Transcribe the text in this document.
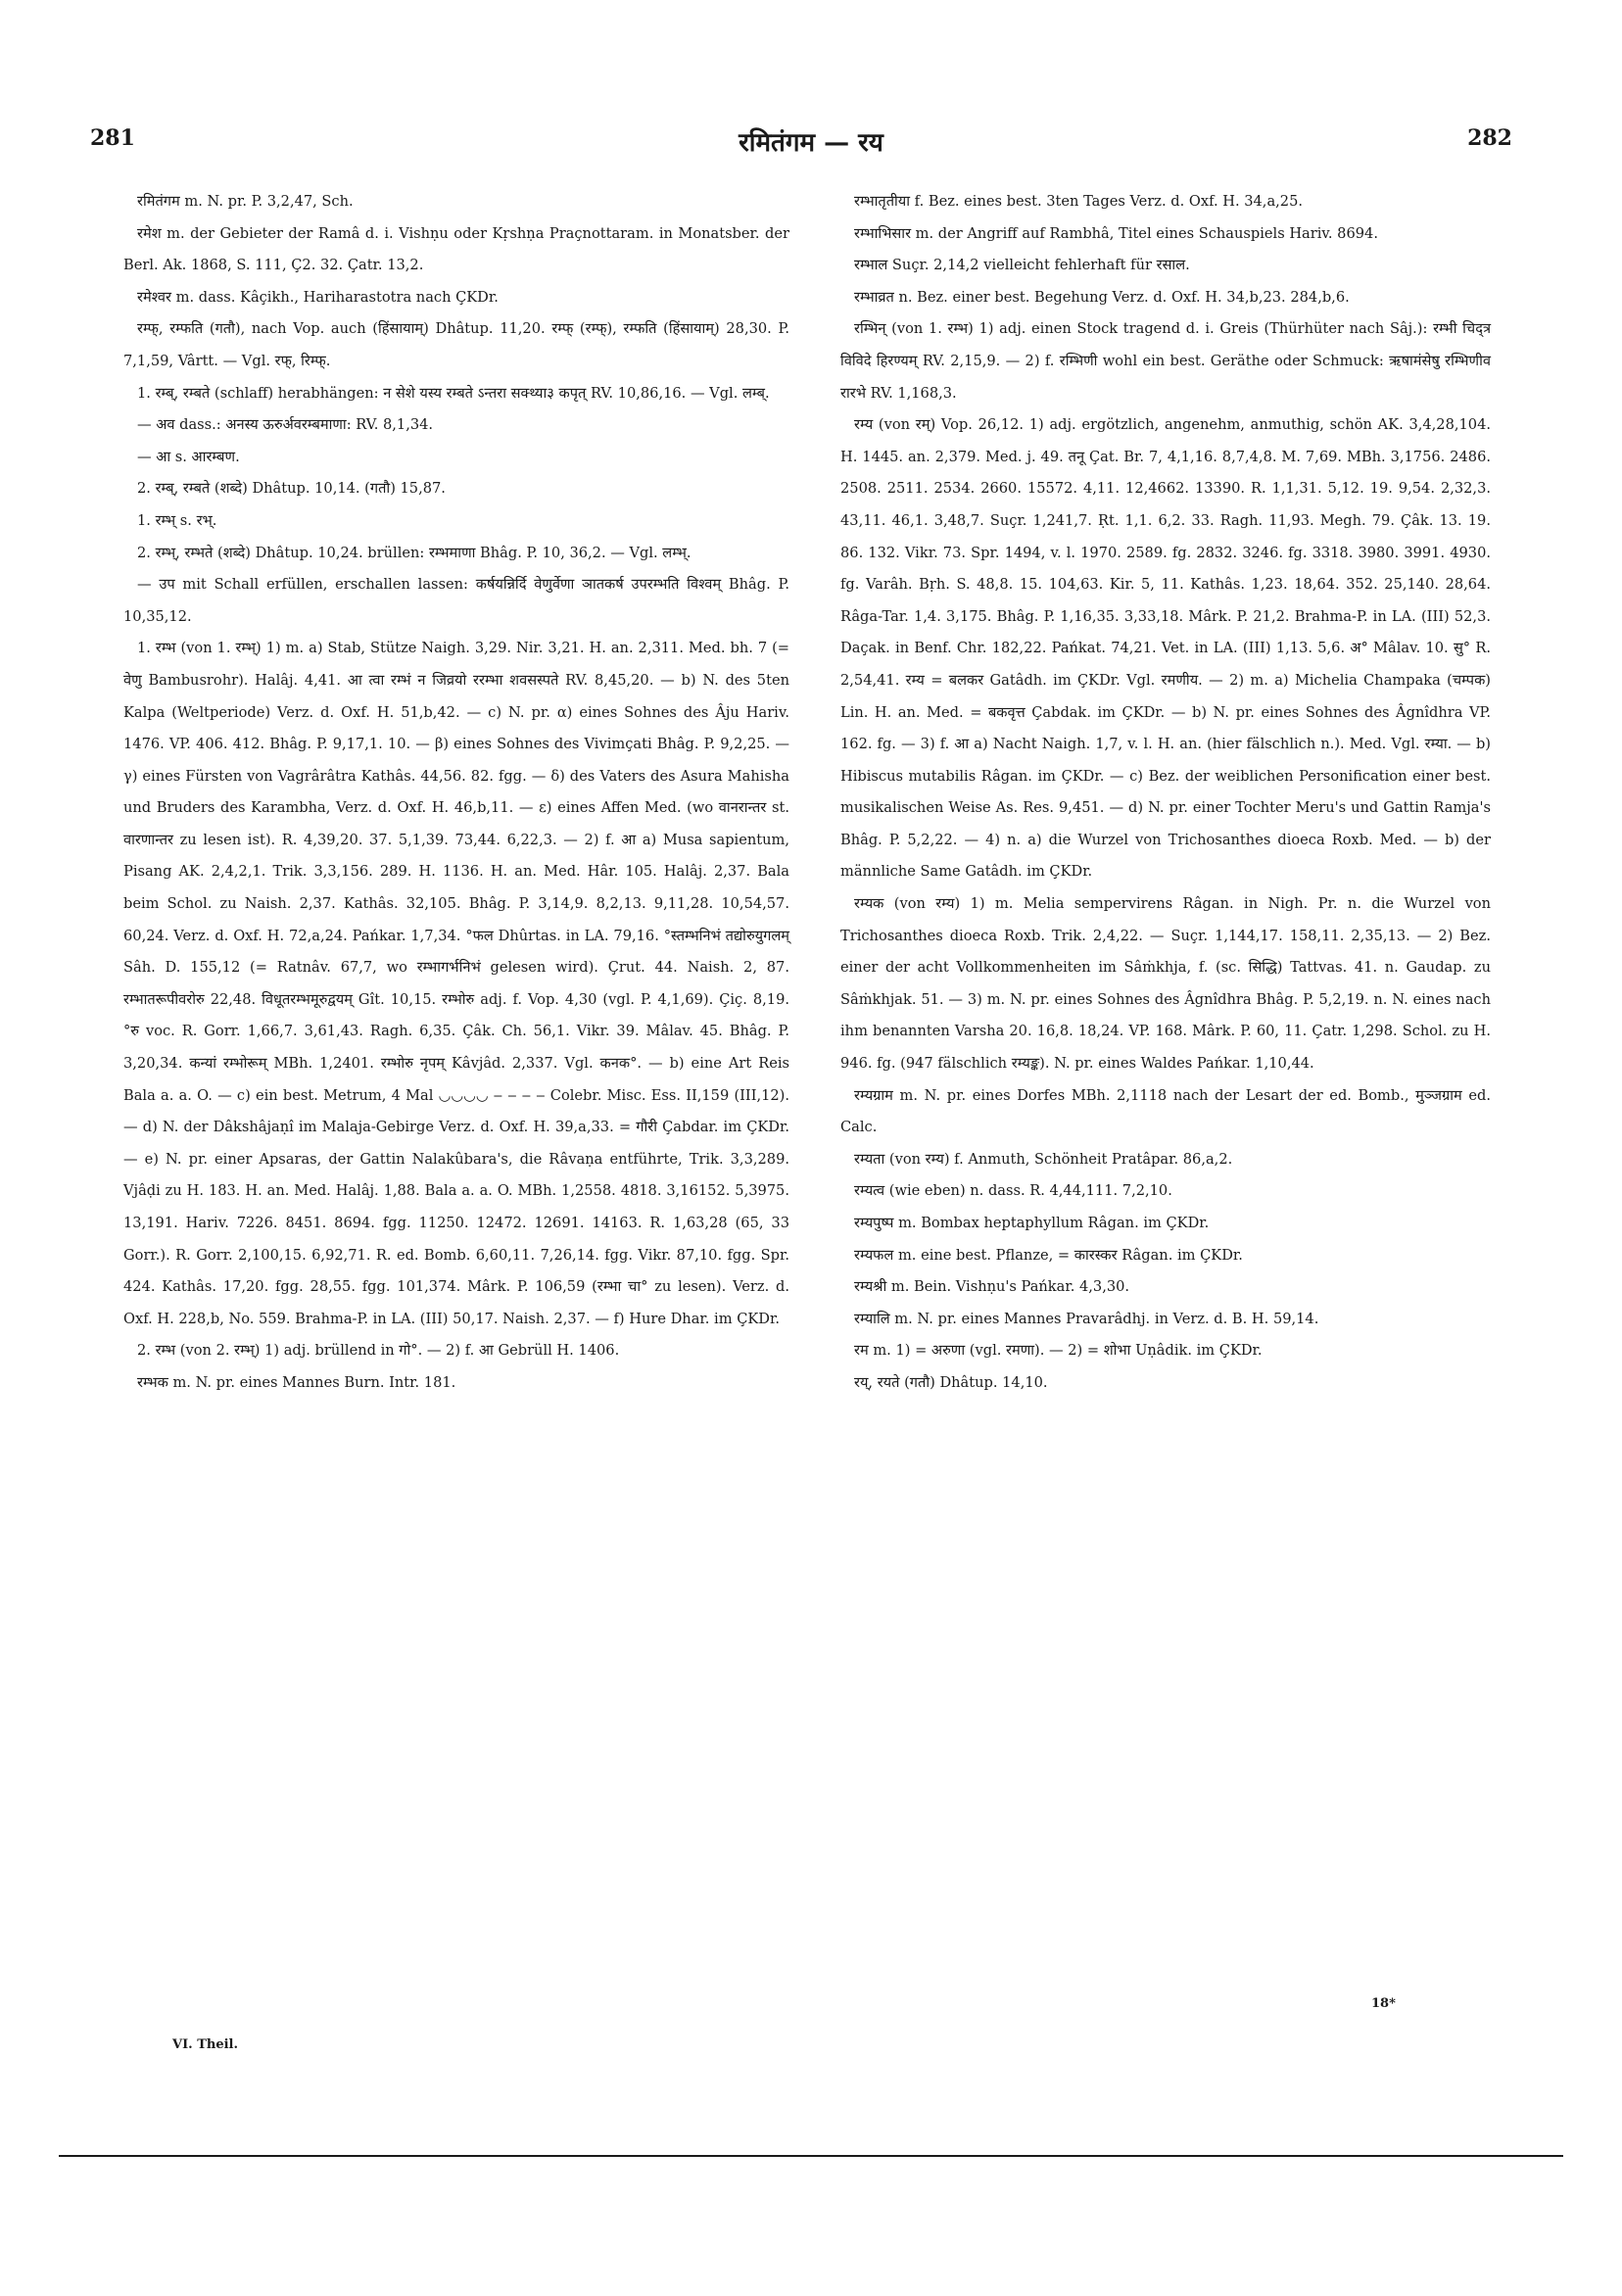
281	रमितंगम — रय	282

रमितंगम m. N. pr. P. 3,2,47, Sch.

रमेश m. der Gebieter der Ramâ d. i. Vishṇu oder Kṛshṇa Praçnottaram. in Monatsber. der Berl. Ak. 1868, S. 111, Ç2. 32. Çatr. 13,2.

रमेश्वर m. dass. Kâçikh., Hariharastotra nach ÇKDr.

रम्फ्, रम्फति (गतौ), nach Vop. auch (हिंसायाम्) Dhâtup. 11,20. रम्फ् (रम्फ्), रम्फति (हिंसायाम्) 28,30. P. 7,1,59, Vârtt. — Vgl. रफ्, रिम्फ्.

1. रम्ब्, रम्बते (schlaff) herabhängen: न सेशे यस्य रम्बते ऽन्तरा सक्थ्या३ कपृत् RV. 10,86,16. — Vgl. लम्ब्.

— अव dass.: अनस्य ऊरुर्अवरम्बमाणा: RV. 8,1,34.

— आ s. आरम्बण.

2. रम्ब्, रम्बते (शब्दे) Dhâtup. 10,14. (गतौ) 15,87.

1. रम्भ् s. रभ्.

2. रम्भ्, रम्भते (शब्दे) Dhâtup. 10,24. brüllen: रम्भमाणा Bhâg. P. 10, 36,2. — Vgl. लम्भ्.

— उप mit Schall erfüllen, erschallen lassen: कर्षयन्निर्दि वेणुर्वेणा ञातकर्ष उपरम्भति विश्वम् Bhâg. P. 10,35,12.

1. रम्भ (von 1. रम्भ्) 1) m. a) Stab, Stütze Naigh. 3,29. Nir. 3,21. H. an. 2,311. Med. bh. 7 (= वेणु Bambusrohr). Halâj. 4,41. आ त्वा रम्भं न जिव्रयो ररम्भा शवसस्पते RV. 8,45,20. — b) N. des 5ten Kalpa (Weltperiode) Verz. d. Oxf. H. 51,b,42. — c) N. pr. α) eines Sohnes des Âju Hariv. 1476. VP. 406. 412. Bhâg. P. 9,17,1. 10. — β) eines Sohnes des Vivimçati Bhâg. P. 9,2,25. — γ) eines Fürsten von Vagrârâtra Kathâs. 44,56. 82. fgg. — δ) des Vaters des Asura Mahisha und Bruders des Karambha, Verz. d. Oxf. H. 46,b,11. — ε) eines Affen Med. (wo वानरान्तर st. वारणान्तर zu lesen ist). R. 4,39,20. 37. 5,1,39. 73,44. 6,22,3. — 2) f. आ a) Musa sapientum, Pisang AK. 2,4,2,1. Trik. 3,3,156. 289. H. 1136. H. an. Med. Hâr. 105. Halâj. 2,37. Bala beim Schol. zu Naish. 2,37. Kathâs. 32,105. Bhâg. P. 3,14,9. 8,2,13. 9,11,28. 10,54,57. 60,24. Verz. d. Oxf. H. 72,a,24. Pańkar. 1,7,34. °फल Dhûrtas. in LA. 79,16. °स्तम्भनिभं तद्योरुयुगलम् Sâh. D. 155,12 (= Ratnâv. 67,7, wo रम्भागर्भनिभं gelesen wird). Çrut. 44. Naish. 2, 87. रम्भातरूपीवरोरु 22,48. विधूतरम्भमूरुद्वयम् Gît. 10,15. रम्भोरु adj. f. Vop. 4,30 (vgl. P. 4,1,69). Çiç. 8,19. °रु voc. R. Gorr. 1,66,7. 3,61,43. Ragh. 6,35. Çâk. Ch. 56,1. Vikr. 39. Mâlav. 45. Bhâg. P. 3,20,34. कन्यां रम्भोरूम् MBh. 1,2401. रम्भोरु नृपम् Kâvjâd. 2,337. Vgl. कनक°. — b) eine Art Reis Bala a. a. O. — c) ein best. Metrum, 4 Mal ◡◡◡◡ ‒ ‒ ‒ ‒ Colebr. Misc. Ess. II,159 (III,12). — d) N. der Dâkshâjaṇî im Malaja-Gebirge Verz. d. Oxf. H. 39,a,33. = गौरी Çabdar. im ÇKDr. — e) N. pr. einer Apsaras, der Gattin Nalakûbara's, die Râvaṇa entführte, Trik. 3,3,289. Vjâḍi zu H. 183. H. an. Med. Halâj. 1,88. Bala a. a. O. MBh. 1,2558. 4818. 3,16152. 5,3975. 13,191. Hariv. 7226. 8451. 8694. fgg. 11250. 12472. 12691. 14163. R. 1,63,28 (65, 33 Gorr.). R. Gorr. 2,100,15. 6,92,71. R. ed. Bomb. 6,60,11. 7,26,14. fgg. Vikr. 87,10. fgg. Spr. 424. Kathâs. 17,20. fgg. 28,55. fgg. 101,374. Mârk. P. 106,59 (रम्भा चा° zu lesen). Verz. d. Oxf. H. 228,b, No. 559. Brahma-P. in LA. (III) 50,17. Naish. 2,37. — f) Hure Dhar. im ÇKDr.

2. रम्भ (von 2. रम्भ्) 1) adj. brüllend in गो°. — 2) f. आ Gebrüll H. 1406.

रम्भक m. N. pr. eines Mannes Burn. Intr. 181.

रम्भातृतीया f. Bez. eines best. 3ten Tages Verz. d. Oxf. H. 34,a,25.

रम्भाभिसार m. der Angriff auf Rambhâ, Titel eines Schauspiels Hariv. 8694.

रम्भाल Suçr. 2,14,2 vielleicht fehlerhaft für रसाल.

रम्भाव्रत n. Bez. einer best. Begehung Verz. d. Oxf. H. 34,b,23. 284,b,6.

रम्भिन् (von 1. रम्भ) 1) adj. einen Stock tragend d. i. Greis (Thürhüter nach Sâj.): रम्भी चिद्त्र विविदे हिरण्यम् RV. 2,15,9. — 2) f. रम्भिणी wohl ein best. Geräthe oder Schmuck: ऋषामंसेषु रम्भिणीव रारभे RV. 1,168,3.

रम्य (von रम्) Vop. 26,12. 1) adj. ergötzlich, angenehm, anmuthig, schön AK. 3,4,28,104. H. 1445. an. 2,379. Med. j. 49. तनू Çat. Br. 7, 4,1,16. 8,7,4,8. M. 7,69. MBh. 3,1756. 2486. 2508. 2511. 2534. 2660. 15572. 4,11. 12,4662. 13390. R. 1,1,31. 5,12. 19. 9,54. 2,32,3. 43,11. 46,1. 3,48,7. Suçr. 1,241,7. Ṛt. 1,1. 6,2. 33. Ragh. 11,93. Megh. 79. Çâk. 13. 19. 86. 132. Vikr. 73. Spr. 1494, v. l. 1970. 2589. fg. 2832. 3246. fg. 3318. 3980. 3991. 4930. fg. Varâh. Bṛh. S. 48,8. 15. 104,63. Kir. 5, 11. Kathâs. 1,23. 18,64. 352. 25,140. 28,64. Râga-Tar. 1,4. 3,175. Bhâg. P. 1,16,35. 3,33,18. Mârk. P. 21,2. Brahma-P. in LA. (III) 52,3. Daçak. in Benf. Chr. 182,22. Pańkat. 74,21. Vet. in LA. (III) 1,13. 5,6. अ° Mâlav. 10. सु° R. 2,54,41. रम्य = बलकर Gatâdh. im ÇKDr. Vgl. रमणीय. — 2) m. a) Michelia Champaka (चम्पक) Lin. H. an. Med. = बकवृत्त Çabdak. im ÇKDr. — b) N. pr. eines Sohnes des Âgnîdhra VP. 162. fg. — 3) f. आ a) Nacht Naigh. 1,7, v. l. H. an. (hier fälschlich n.). Med. Vgl. रम्या. — b) Hibiscus mutabilis Râgan. im ÇKDr. — c) Bez. der weiblichen Personification einer best. musikalischen Weise As. Res. 9,451. — d) N. pr. einer Tochter Meru's und Gattin Ramja's Bhâg. P. 5,2,22. — 4) n. a) die Wurzel von Trichosanthes dioeca Roxb. Med. — b) der männliche Same Gatâdh. im ÇKDr.

रम्यक (von रम्य) 1) m. Melia sempervirens Râgan. in Nigh. Pr. n. die Wurzel von Trichosanthes dioeca Roxb. Trik. 2,4,22. — Suçr. 1,144,17. 158,11. 2,35,13. — 2) Bez. einer der acht Vollkommenheiten im Sâṁkhja, f. (sc. सिद्धि) Tattvas. 41. n. Gaudap. zu Sâṁkhjak. 51. — 3) m. N. pr. eines Sohnes des Âgnîdhra Bhâg. P. 5,2,19. n. N. eines nach ihm benannten Varsha 20. 16,8. 18,24. VP. 168. Mârk. P. 60, 11. Çatr. 1,298. Schol. zu H. 946. fg. (947 fälschlich रम्यङ्क). N. pr. eines Waldes Pańkar. 1,10,44.

रम्यग्राम m. N. pr. eines Dorfes MBh. 2,1118 nach der Lesart der ed. Bomb., मुञ्जग्राम ed. Calc.

रम्यता (von रम्य) f. Anmuth, Schönheit Pratâpar. 86,a,2.

रम्यत्व (wie eben) n. dass. R. 4,44,111. 7,2,10.

रम्यपुष्प m. Bombax heptaphyllum Râgan. im ÇKDr.

रम्यफल m. eine best. Pflanze, = कारस्कर Râgan. im ÇKDr.

रम्यश्री m. Bein. Vishṇu's Pańkar. 4,3,30.

रम्यालि m. N. pr. eines Mannes Pravarâdhj. in Verz. d. B. H. 59,14.

रम m. 1) = अरुणा (vgl. रमणा). — 2) = शोभा Uṇâdik. im ÇKDr.

रय्, रयते (गतौ) Dhâtup. 14,10.

VI. Theil.
18*
